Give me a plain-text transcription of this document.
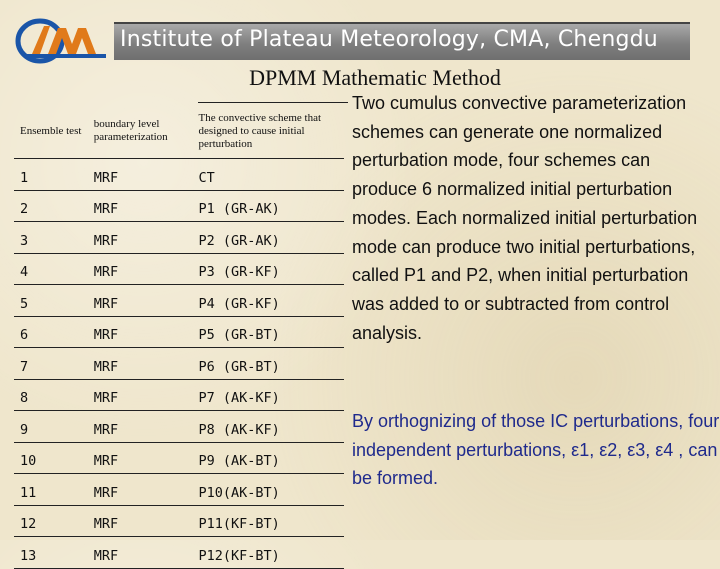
Institute of Plateau Meteorology, CMA, Chengdu
DPMM Mathematic Method
Ensemble test	boundary level parameterization	The convective scheme that designed to cause initial perturbation
1	MRF	CT
2	MRF	P1 (GR-AK)
3	MRF	P2 (GR-AK)
4	MRF	P3 (GR-KF)
5	MRF	P4 (GR-KF)
6	MRF	P5 (GR-BT)
7	MRF	P6 (GR-BT)
8	MRF	P7 (AK-KF)
9	MRF	P8 (AK-KF)
10	MRF	P9 (AK-BT)
11	MRF	P10(AK-BT)
12	MRF	P11(KF-BT)
13	MRF	P12(KF-BT)
Two cumulus convective parameterization schemes can generate one normalized perturbation mode, four schemes can produce 6 normalized initial perturbation modes. Each normalized initial perturbation mode can produce two initial perturbations, called P1 and P2, when initial perturbation was added to or subtracted from control analysis.
By orthognizing of those IC perturbations, four independent perturbations, ε1, ε2, ε3, ε4 , can be formed.
